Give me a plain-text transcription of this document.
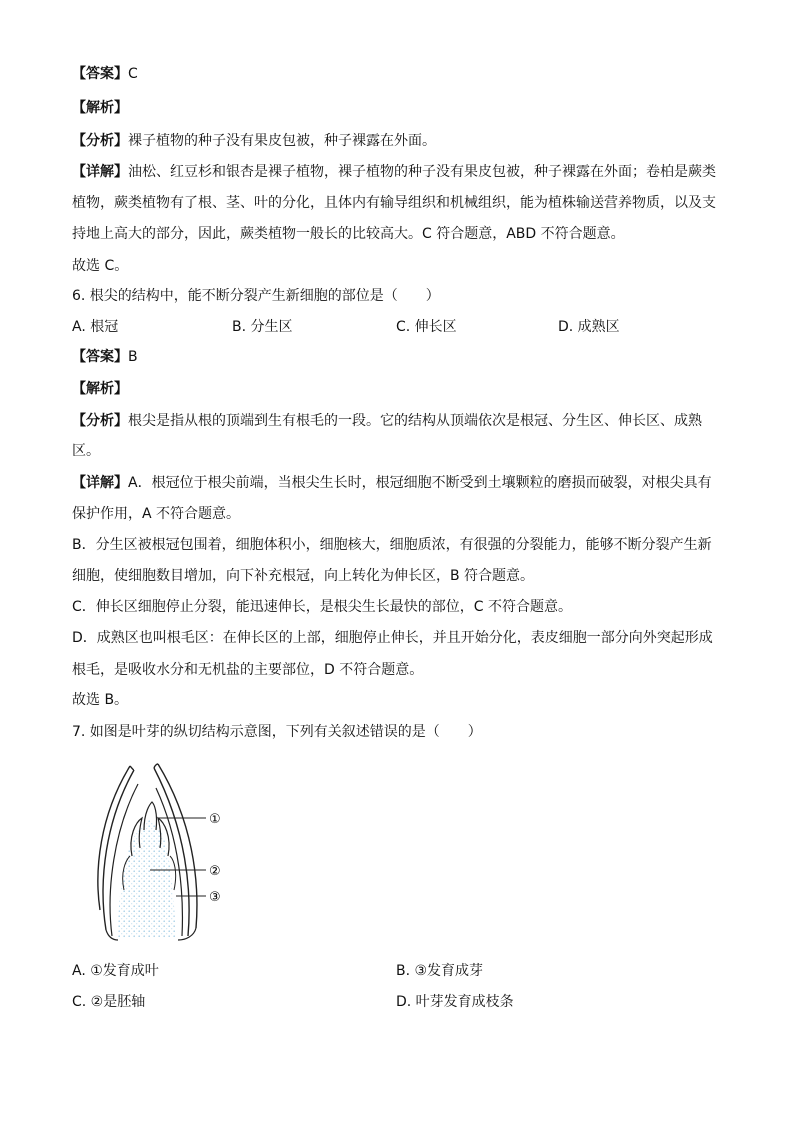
【答案】C
【解析】
【分析】裸子植物的种子没有果皮包被，种子裸露在外面。
【详解】油松、红豆杉和银杏是裸子植物，裸子植物的种子没有果皮包被，种子裸露在外面；卷柏是蕨类
植物，蕨类植物有了根、茎、叶的分化，且体内有输导组织和机械组织，能为植株输送营养物质，以及支
持地上高大的部分，因此，蕨类植物一般长的比较高大。C 符合题意，ABD 不符合题意。
故选 C。
6. 根尖的结构中，能不断分裂产生新细胞的部位是（　　）
A. 根冠	B. 分生区	C. 伸长区	D. 成熟区
【答案】B
【解析】
【分析】根尖是指从根的顶端到生有根毛的一段。它的结构从顶端依次是根冠、分生区、伸长区、成熟
区。
【详解】A．根冠位于根尖前端，当根尖生长时，根冠细胞不断受到土壤颗粒的磨损而破裂，对根尖具有
保护作用，A 不符合题意。
B．分生区被根冠包围着，细胞体积小，细胞核大，细胞质浓，有很强的分裂能力，能够不断分裂产生新
细胞，使细胞数目增加，向下补充根冠，向上转化为伸长区，B 符合题意。
C．伸长区细胞停止分裂，能迅速伸长，是根尖生长最快的部位，C 不符合题意。
D．成熟区也叫根毛区：在伸长区的上部，细胞停止伸长，并且开始分化，表皮细胞一部分向外突起形成
根毛，是吸收水分和无机盐的主要部位，D 不符合题意。
故选 B。
7. 如图是叶芽的纵切结构示意图，下列有关叙述错误的是（　　）
①
②
③
A. ①发育成叶	B. ③发育成芽
C. ②是胚轴	D. 叶芽发育成枝条
